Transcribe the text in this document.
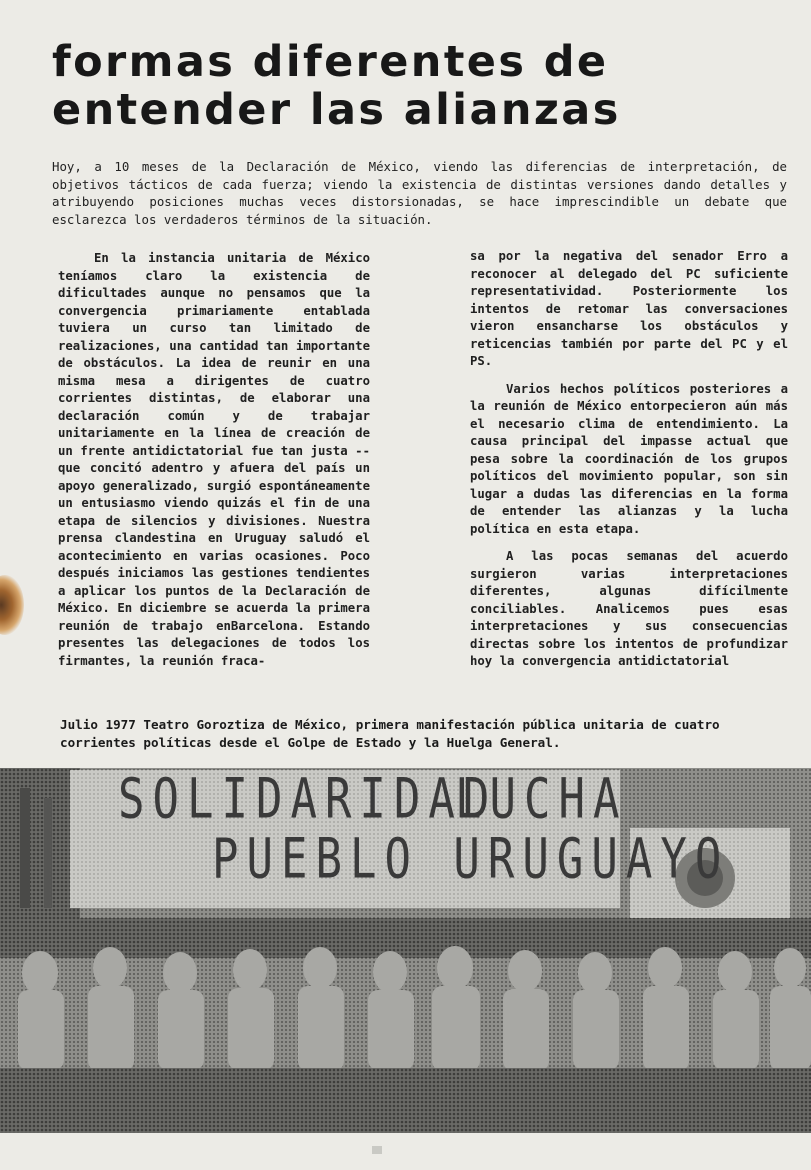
formas diferentes de
entender las alianzas

Hoy, a 10 meses de la Declaración de México, viendo las diferencias de interpretación, de objetivos tácticos de cada fuerza; viendo la existencia de distintas versiones dando detalles y atribuyendo posiciones muchas veces distorsionadas, se hace imprescindible un debate que esclarezca los verdaderos términos de la situación.

En la instancia unitaria de México teníamos claro la existencia de dificultades aunque no pensamos que la convergencia primariamente entablada tuviera un curso tan limitado de realizaciones, una cantidad tan importante de obstáculos. La idea de reunir en una misma mesa a dirigentes de cuatro corrientes distintas, de elaborar una declaración común y de trabajar unitariamente en la línea de creación de un frente antidictatorial fue tan justa -- que concitó adentro y afuera del país un apoyo generalizado, surgió espontáneamente un entusiasmo viendo quizás el fin de una etapa de silencios y divisiones. Nuestra prensa clandestina en Uruguay saludó el acontecimiento en varias ocasiones. Poco después iniciamos las gestiones tendientes a aplicar los puntos de la Declaración de México. En diciembre se acuerda la primera reunión de trabajo enBarcelona. Estando presentes las delegaciones de todos los firmantes, la reunión fraca-

sa por la negativa del senador Erro a reconocer al delegado del PC suficiente representatividad. Posteriormente los intentos de retomar las conversaciones vieron ensancharse los obstáculos y reticencias también por parte del PC y el PS.

Varios hechos políticos posteriores a la reunión de México entorpecieron aún más el necesario clima de entendimiento. La causa principal del impasse actual que pesa sobre la coordinación de los grupos políticos del movimiento popular, son sin lugar a dudas las diferencias en la forma de entender las alianzas y la lucha política en esta etapa.

A las pocas semanas del acuerdo surgieron varias interpretaciones diferentes, algunas difícilmente conciliables. Analicemos pues esas interpretaciones y sus consecuencias directas sobre los intentos de profundizar hoy la convergencia antidictatorial

Julio 1977 Teatro Goroztiza de México, primera manifestación pública unitaria de cuatro corrientes políticas desde el Golpe de Estado y la Huelga General.

SOLIDARIDAD
LUCHA
PUEBLO URUGUAYO
